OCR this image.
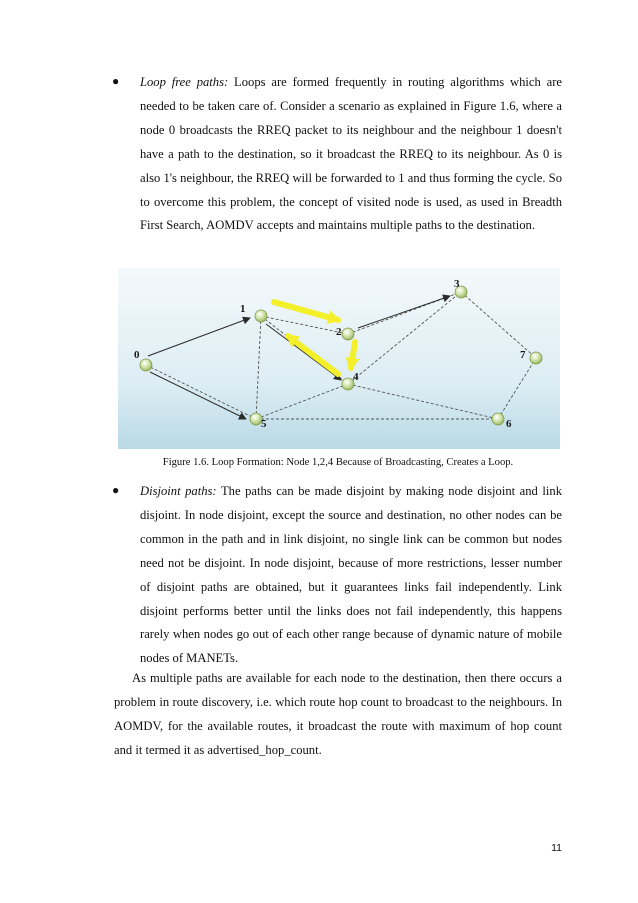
● Loop free paths: Loops are formed frequently in routing algorithms which are needed to be taken care of. Consider a scenario as explained in Figure 1.6, where a node 0 broadcasts the RREQ packet to its neighbour and the neighbour 1 doesn't have a path to the destination, so it broadcast the RREQ to its neighbour. As 0 is also 1's neighbour, the RREQ will be forwarded to 1 and thus forming the cycle. So to overcome this problem, the concept of visited node is used, as used in Breadth First Search, AOMDV accepts and maintains multiple paths to the destination.
0
1
2
3
4
5	6
7
Figure 1.6. Loop Formation: Node 1,2,4 Because of Broadcasting, Creates a Loop.
● Disjoint paths: The paths can be made disjoint by making node disjoint and link disjoint. In node disjoint, except the source and destination, no other nodes can be common in the path and in link disjoint, no single link can be common but nodes need not be disjoint. In node disjoint, because of more restrictions, lesser number of disjoint paths are obtained, but it guarantees links fail independently. Link disjoint performs better until the links does not fail independently, this happens rarely when nodes go out of each other range because of dynamic nature of mobile nodes of MANETs.
As multiple paths are available for each node to the destination, then there occurs a problem in route discovery, i.e. which route hop count to broadcast to the neighbours. In AOMDV, for the available routes, it broadcast the route with maximum of hop count and it termed it as advertised_hop_count.
11
